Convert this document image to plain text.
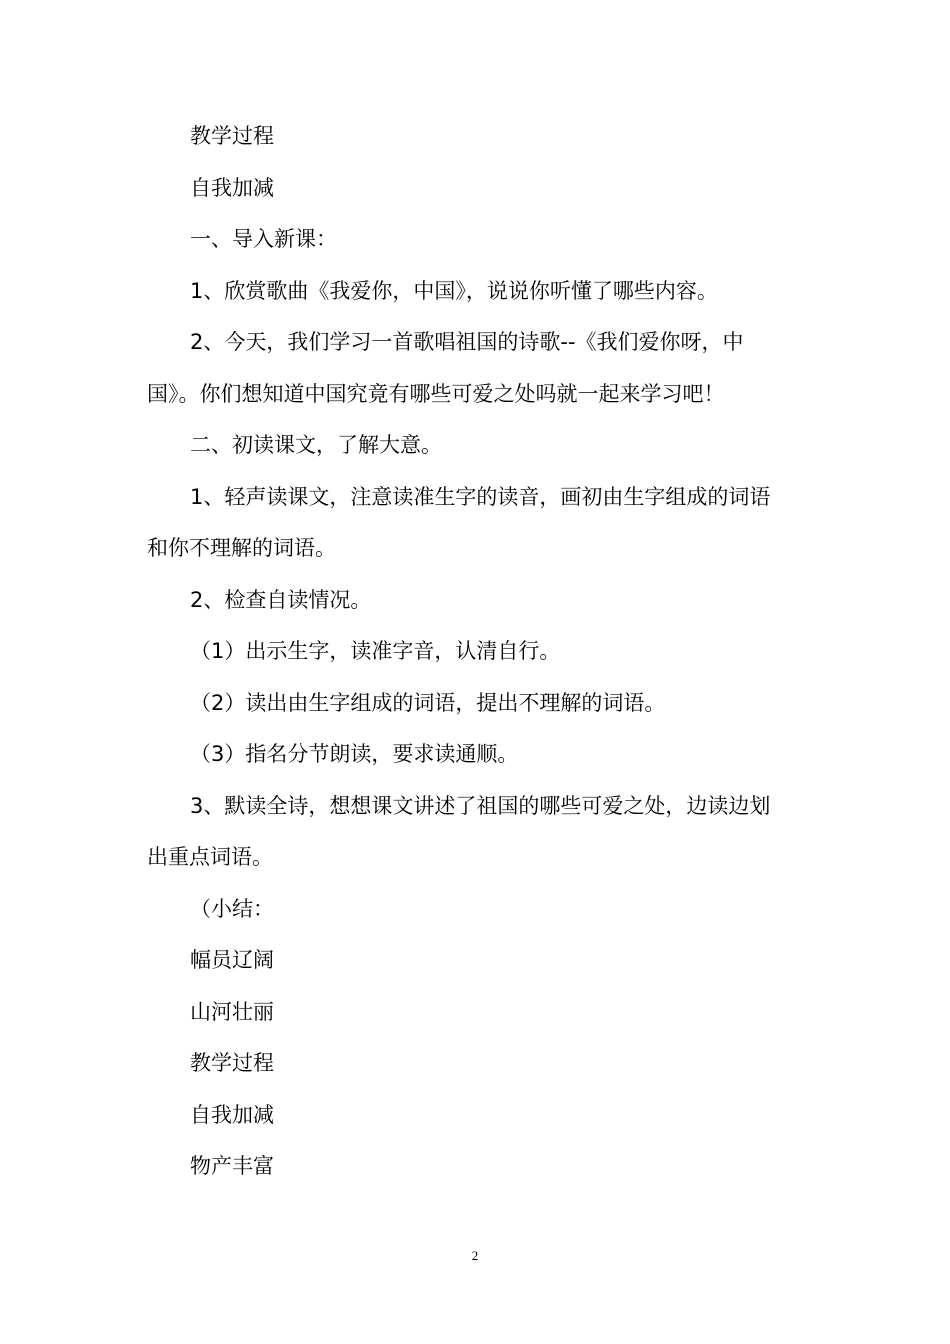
教学过程
自我加减
一、导入新课：
1、欣赏歌曲《我爱你，中国》，说说你听懂了哪些内容。
2、今天，我们学习一首歌唱祖国的诗歌--《我们爱你呀，中
国》。你们想知道中国究竟有哪些可爱之处吗就一起来学习吧！
二、初读课文，了解大意。
1、轻声读课文，注意读准生字的读音，画初由生字组成的词语
和你不理解的词语。
2、检查自读情况。
（1）出示生字，读准字音，认清自行。
（2）读出由生字组成的词语，提出不理解的词语。
（3）指名分节朗读，要求读通顺。
3、默读全诗，想想课文讲述了祖国的哪些可爱之处，边读边划
出重点词语。
（小结：
幅员辽阔
山河壮丽
教学过程
自我加减
物产丰富
2
